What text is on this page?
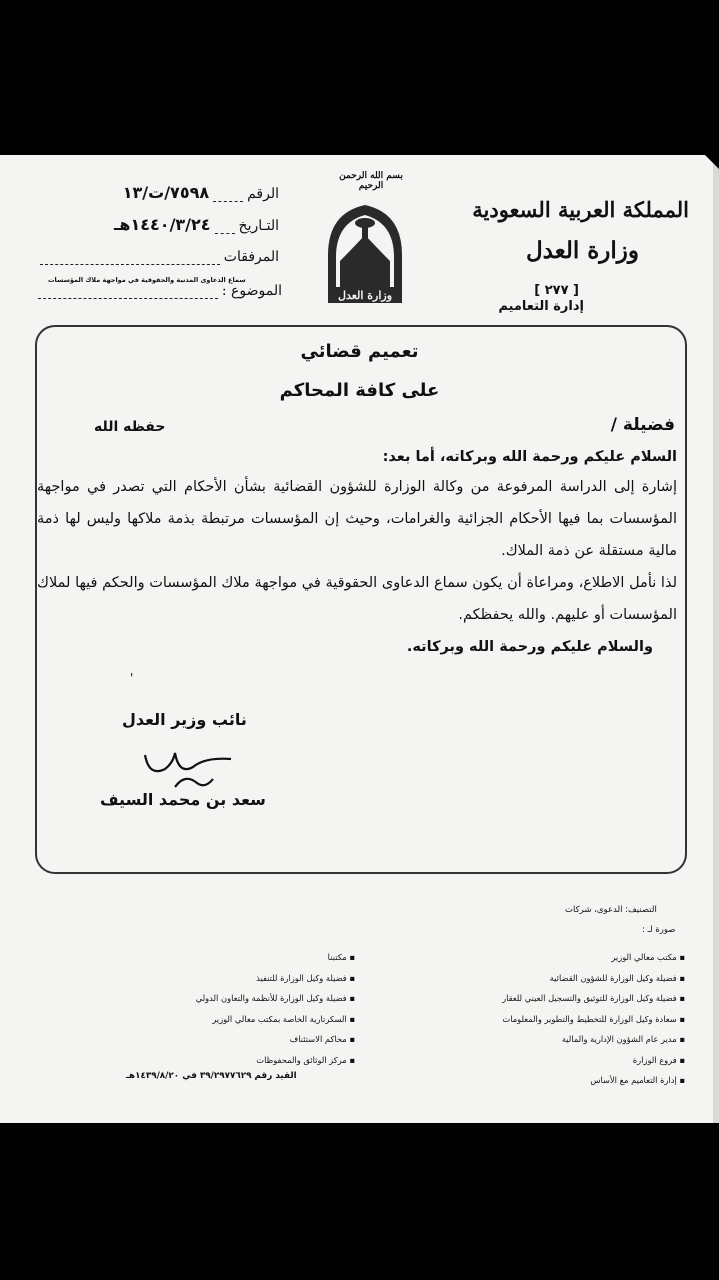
المملكة العربية السعودية
وزارة العدل
[ ٢٧٧ ]
إدارة التعاميم
بسم الله الرحمن الرحيم
وزارة العدل
الرقم
٧٥٩٨/ت/١٣
التـاريخ
١٤٤٠/٣/٢٤هـ
المرفقات
سماع الدعاوى المدنية والحقوقية في مواجهة ملاك المؤسسات
الموضوع :
تعميم قضائي
على كافة المحاكم
فضيلة /
حفظه الله
السلام عليكم ورحمة الله وبركاته، أما بعد:
إشارة إلى الدراسة المرفوعة من وكالة الوزارة للشؤون القضائية بشأن الأحكام التي تصدر في مواجهة المؤسسات بما فيها الأحكام الجزائية والغرامات، وحيث إن المؤسسات مرتبطة بذمة ملاكها وليس لها ذمة مالية مستقلة عن ذمة الملاك.
لذا نأمل الاطلاع، ومراعاة أن يكون سماع الدعاوى الحقوقية في مواجهة ملاك المؤسسات والحكم فيها لملاك المؤسسات أو عليهم. والله يحفظكم.
والسلام عليكم ورحمة الله وبركاته.
'
نائب وزير العدل
سعد بن محمد السيف
التصنيف: الدعوى، شركات
صورة لـ :
▪ مكتب معالي الوزير
▪ فضيلة وكيل الوزارة للشؤون القضائية
▪ فضيلة وكيل الوزارة للتوثيق والتسجيل العيني للعقار
▪ سعادة وكيل الوزارة للتخطيط والتطوير والمعلومات
▪ مدير عام الشؤون الإدارية والمالية
▪ فروع الوزارة
▪ إدارة التعاميم مع الأساس
▪ مكتبنا
▪ فضيلة وكيل الوزارة للتنفيذ
▪ فضيلة وكيل الوزارة للأنظمة والتعاون الدولي
▪ السكرتارية الخاصة بمكتب معالي الوزير
▪ محاكم الاستئناف
▪ مركز الوثائق والمحفوظات
القيد رقم ٣٩/٢٩٧٧٦٢٩ في ١٤٣٩/٨/٢٠هـ
